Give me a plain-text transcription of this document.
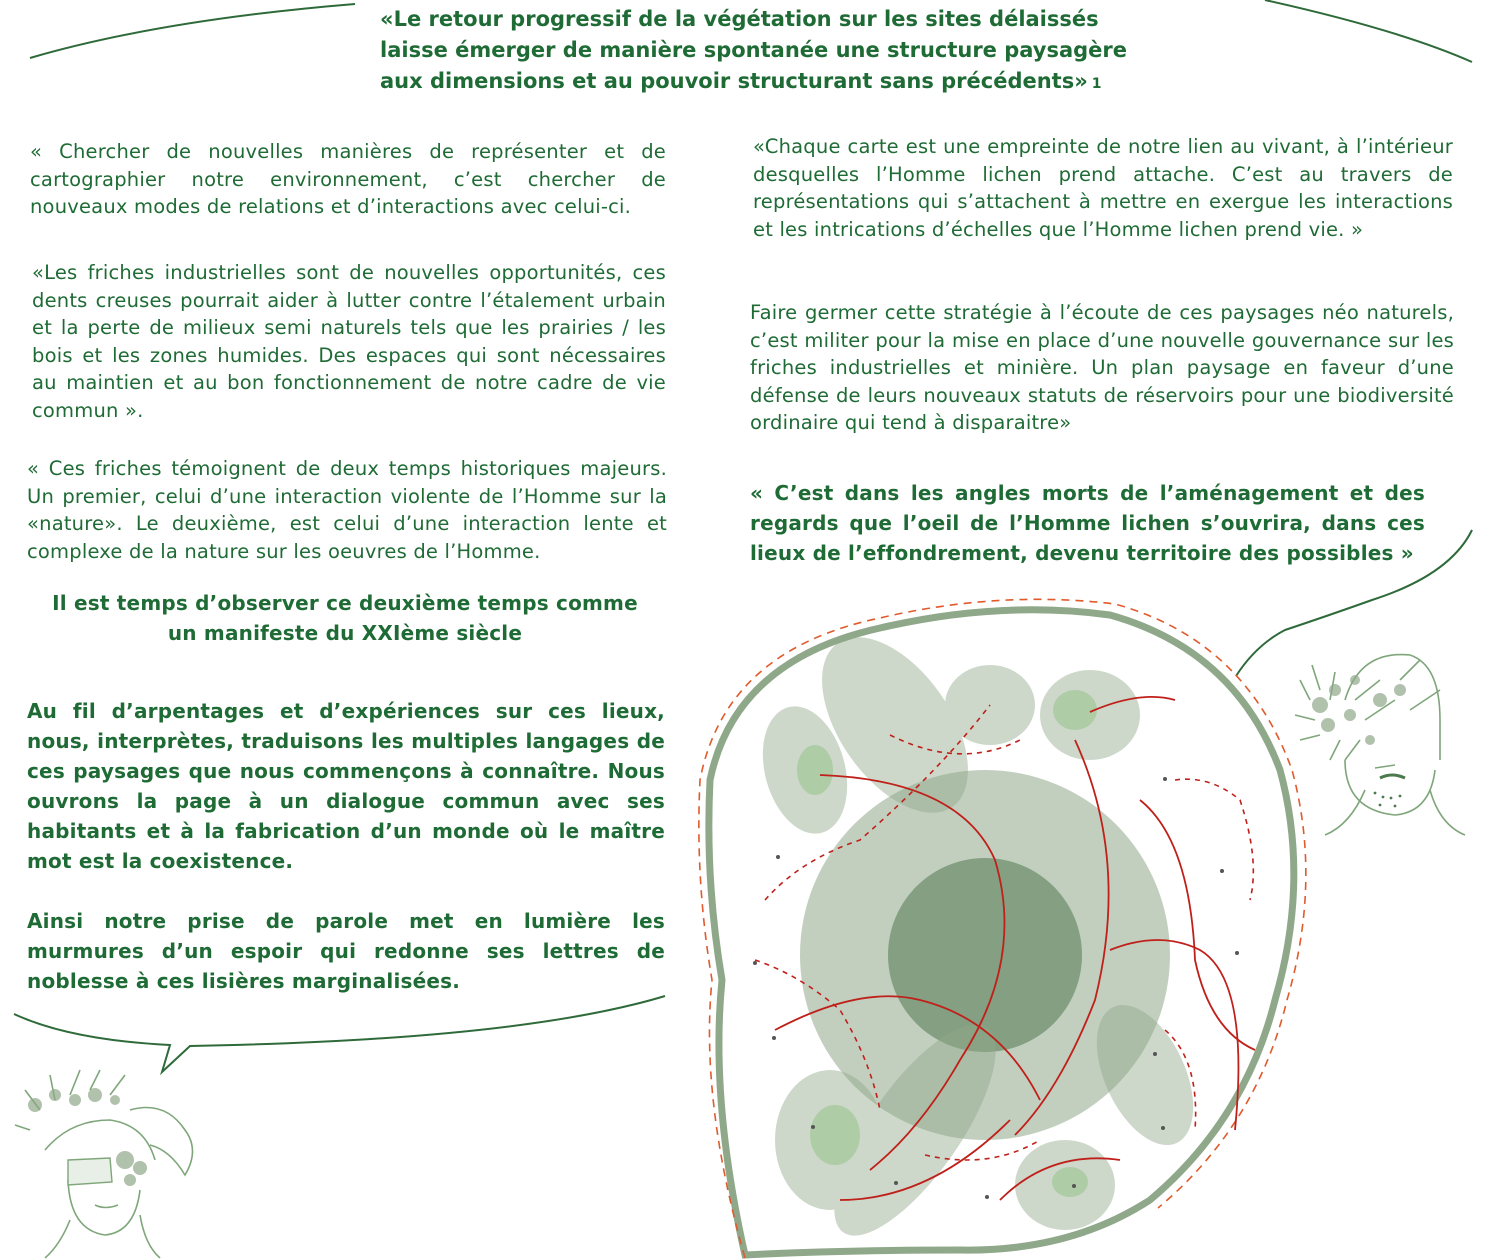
«Le retour progressif de la végétation sur les sites délaissés laisse émerger de manière spontanée une structure paysagère aux dimensions et au pouvoir structurant sans précédents» 1

« Chercher de nouvelles manières de représenter et de cartographier notre environnement, c’est chercher de nouveaux modes de relations et d’interactions avec celui-ci.

«Les friches industrielles sont de nouvelles opportunités, ces dents creuses pourrait aider à lutter contre l’étalement urbain et la perte de milieux semi naturels tels que les prairies / les bois et les zones humides. Des espaces qui sont nécessaires au maintien et au bon fonctionnement de notre cadre de vie commun ».

« Ces friches témoignent de deux temps historiques majeurs. Un premier, celui d’une interaction violente de l’Homme sur la «nature». Le deuxième, est celui d’une interaction lente et complexe de la nature sur les oeuvres de l’Homme.

Il est temps d’observer ce deuxième temps comme
un manifeste du XXIème siècle

Au fil d’arpentages et d’expériences sur ces lieux, nous, interprètes, traduisons les multiples langages de ces paysages que nous commençons à connaître. Nous ouvrons la page à un dialogue commun avec ses habitants et à la fabrication d’un monde où le maître mot est la coexistence.

Ainsi notre prise de parole met en lumière les murmures d’un espoir qui redonne ses lettres de noblesse à ces lisières marginalisées.

«Chaque carte est une empreinte de notre lien au vivant, à l’intérieur desquelles l’Homme lichen prend attache. C’est au travers de représentations qui s’attachent à mettre en exergue les interactions et les intrications d’échelles que l’Homme lichen prend vie. »

Faire germer cette stratégie à l’écoute de ces paysages néo naturels, c’est militer pour la mise en place d’une nouvelle gouvernance sur les friches industrielles et minière. Un plan paysage en faveur d’une défense de leurs nouveaux statuts de réservoirs pour une biodiversité ordinaire qui tend à disparaitre»

« C’est dans les angles morts de l’aménagement et des regards que l’oeil de l’Homme lichen s’ouvrira, dans ces lieux de l’effondrement, devenu territoire des possibles »
